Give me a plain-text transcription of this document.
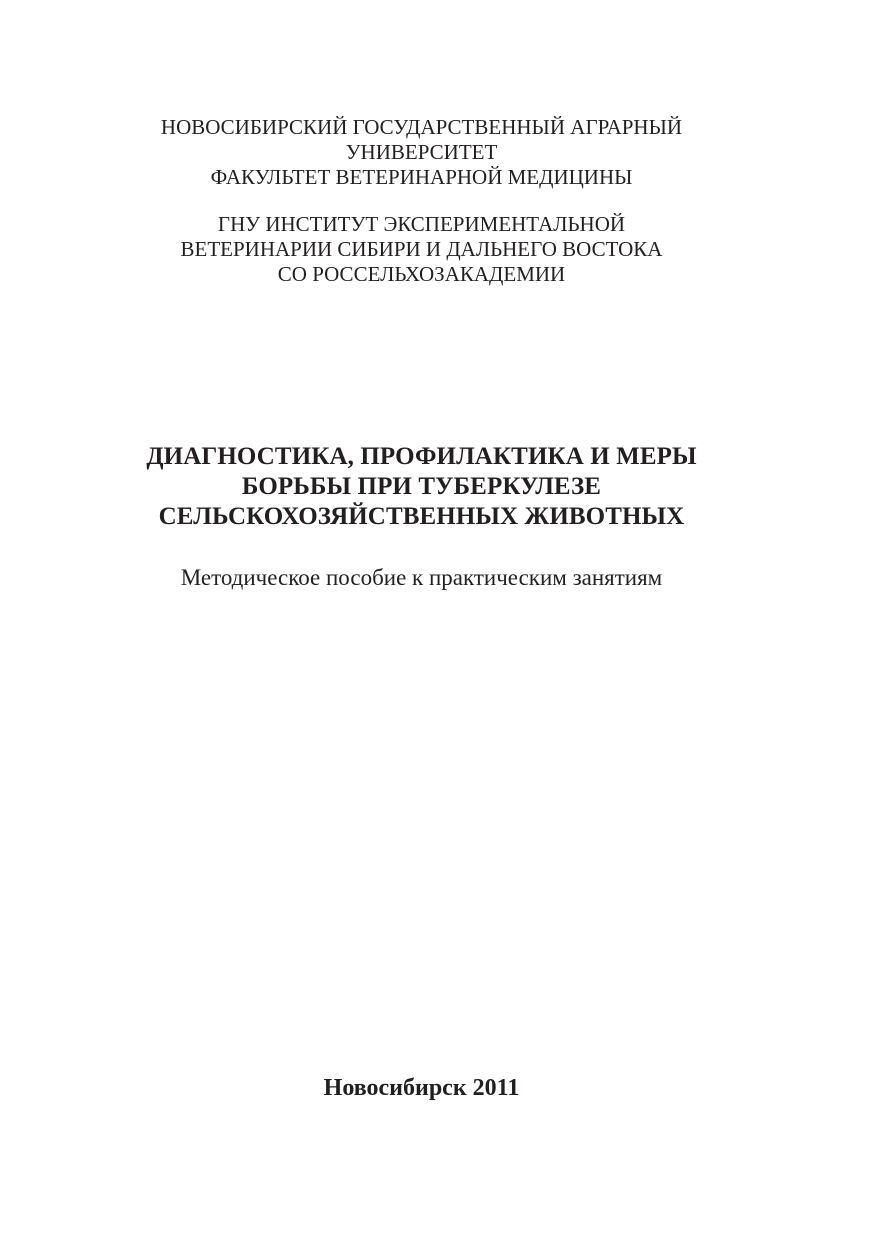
НОВОСИБИРСКИЙ ГОСУДАРСТВЕННЫЙ АГРАРНЫЙ
УНИВЕРСИТЕТ
ФАКУЛЬТЕТ ВЕТЕРИНАРНОЙ МЕДИЦИНЫ
ГНУ ИНСТИТУТ ЭКСПЕРИМЕНТАЛЬНОЙ
ВЕТЕРИНАРИИ СИБИРИ И ДАЛЬНЕГО ВОСТОКА
СО РОССЕЛЬХОЗАКАДЕМИИ
ДИАГНОСТИКА, ПРОФИЛАКТИКА И МЕРЫ
БОРЬБЫ ПРИ ТУБЕРКУЛЕЗЕ
СЕЛЬСКОХОЗЯЙСТВЕННЫХ ЖИВОТНЫХ
Методическое пособие к практическим занятиям
Новосибирск 2011
